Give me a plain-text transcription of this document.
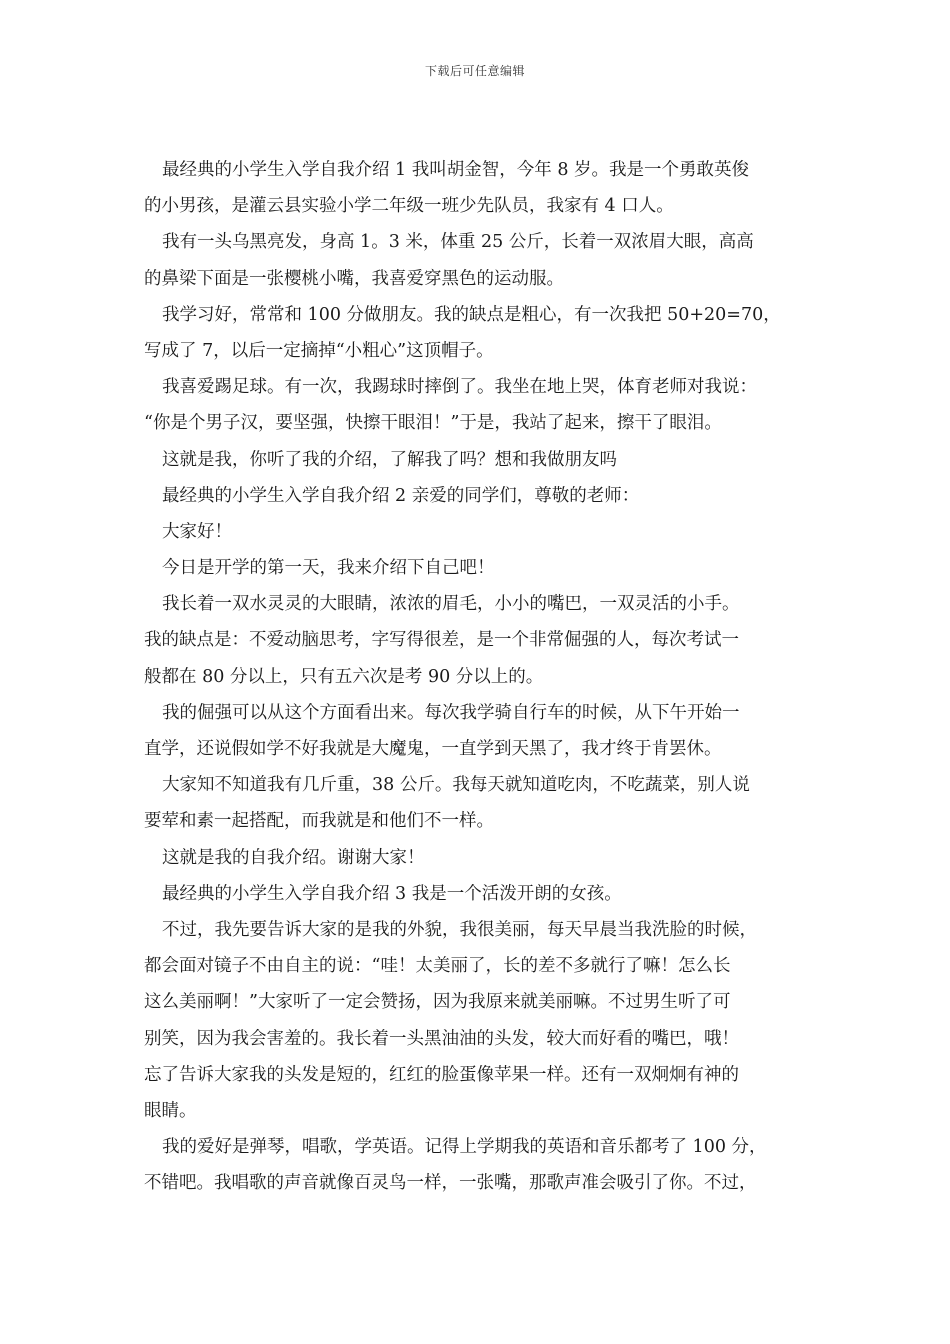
下载后可任意编辑
最经典的小学生入学自我介绍 1 我叫胡金智，今年 8 岁。我是一个勇敢英俊
的小男孩，是灌云县实验小学二年级一班少先队员，我家有 4 口人。
我有一头乌黑亮发，身高 1。3 米，体重 25 公斤，长着一双浓眉大眼，高高
的鼻梁下面是一张樱桃小嘴，我喜爱穿黑色的运动服。
我学习好，常常和 100 分做朋友。我的缺点是粗心，有一次我把 50+20=70，
写成了 7，以后一定摘掉“小粗心”这顶帽子。
我喜爱踢足球。有一次，我踢球时摔倒了。我坐在地上哭，体育老师对我说：
“你是个男子汉，要坚强，快擦干眼泪！”于是，我站了起来，擦干了眼泪。
这就是我，你听了我的介绍，了解我了吗？想和我做朋友吗
最经典的小学生入学自我介绍 2 亲爱的同学们，尊敬的老师：
大家好！
今日是开学的第一天，我来介绍下自己吧！
我长着一双水灵灵的大眼睛，浓浓的眉毛，小小的嘴巴，一双灵活的小手。
我的缺点是：不爱动脑思考，字写得很差，是一个非常倔强的人，每次考试一
般都在 80 分以上，只有五六次是考 90 分以上的。
我的倔强可以从这个方面看出来。每次我学骑自行车的时候，从下午开始一
直学，还说假如学不好我就是大魔鬼，一直学到天黑了，我才终于肯罢休。
大家知不知道我有几斤重，38 公斤。我每天就知道吃肉，不吃蔬菜，别人说
要荤和素一起搭配，而我就是和他们不一样。
这就是我的自我介绍。谢谢大家！
最经典的小学生入学自我介绍 3 我是一个活泼开朗的女孩。
不过，我先要告诉大家的是我的外貌，我很美丽，每天早晨当我洗脸的时候，
都会面对镜子不由自主的说：“哇！太美丽了，长的差不多就行了嘛！怎么长
这么美丽啊！”大家听了一定会赞扬，因为我原来就美丽嘛。不过男生听了可
别笑，因为我会害羞的。我长着一头黑油油的头发，较大而好看的嘴巴，哦！
忘了告诉大家我的头发是短的，红红的脸蛋像苹果一样。还有一双炯炯有神的
眼睛。
我的爱好是弹琴，唱歌，学英语。记得上学期我的英语和音乐都考了 100 分，
不错吧。我唱歌的声音就像百灵鸟一样，一张嘴，那歌声准会吸引了你。不过，
